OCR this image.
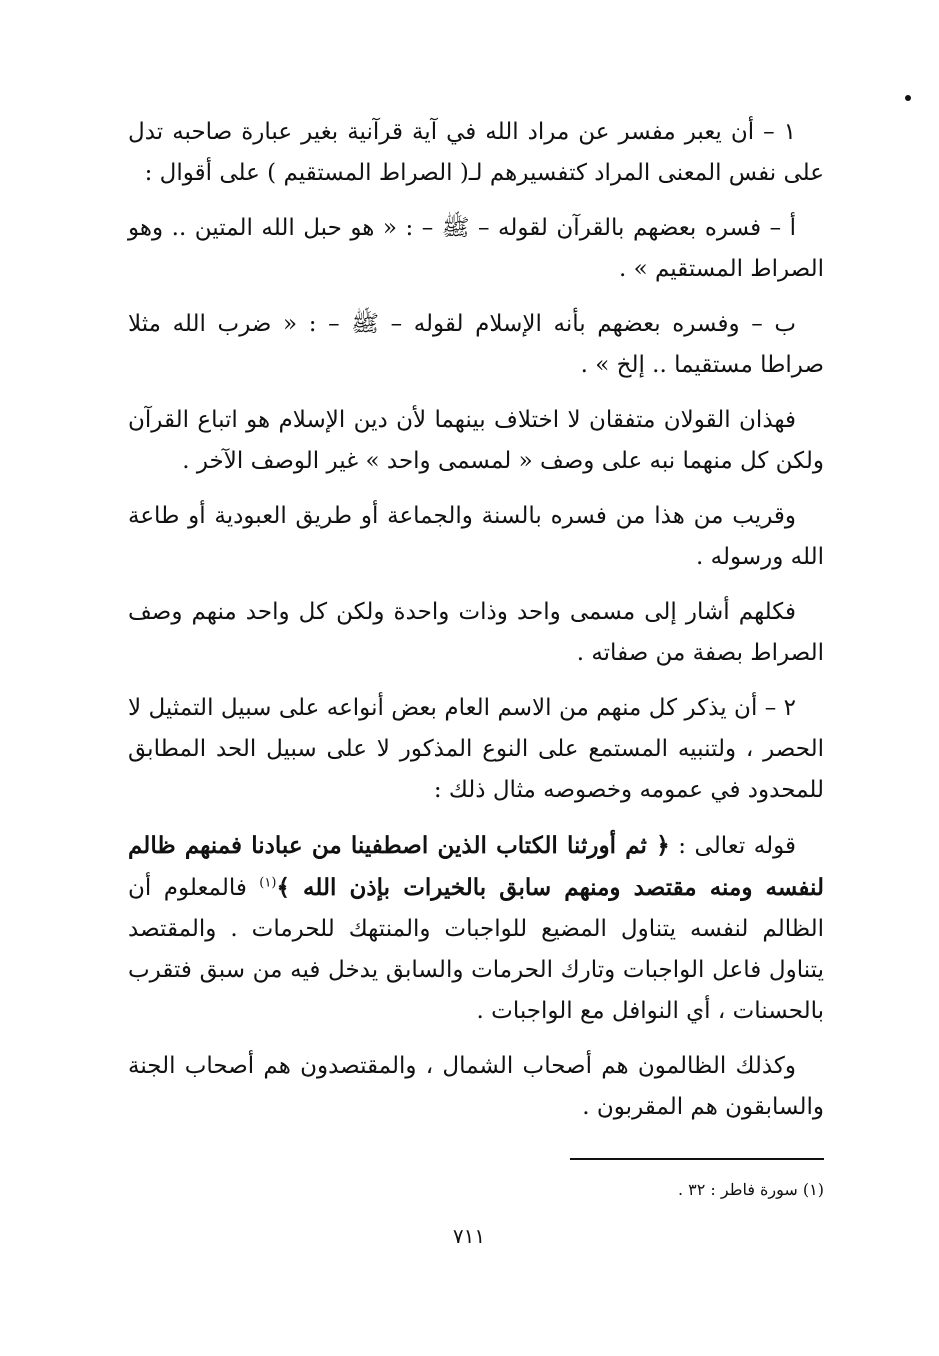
١ – أن يعبر مفسر عن مراد الله في آية قرآنية بغير عبارة صاحبه تدل على نفس المعنى المراد كتفسيرهم لـ( الصراط المستقيم ) على أقوال :

أ – فسره بعضهم بالقرآن لقوله – ﷺ – : « هو حبل الله المتين .. وهو الصراط المستقيم » .

ب – وفسره بعضهم بأنه الإسلام لقوله – ﷺ – : « ضرب الله مثلا صراطا مستقيما .. إلخ » .

فهذان القولان متفقان لا اختلاف بينهما لأن دين الإسلام هو اتباع القرآن ولكن كل منهما نبه على وصف « لمسمى واحد » غير الوصف الآخر .

وقريب من هذا من فسره بالسنة والجماعة أو طريق العبودية أو طاعة الله ورسوله .

فكلهم أشار إلى مسمى واحد وذات واحدة ولكن كل واحد منهم وصف الصراط بصفة من صفاته .

٢ – أن يذكر كل منهم من الاسم العام بعض أنواعه على سبيل التمثيل لا الحصر ، ولتنبيه المستمع على النوع المذكور لا على سبيل الحد المطابق للمحدود في عمومه وخصوصه مثال ذلك :

قوله تعالى : ﴿ ثم أورثنا الكتاب الذين اصطفينا من عبادنا فمنهم ظالم لنفسه ومنه مقتصد ومنهم سابق بالخيرات بإذن الله ﴾$^{(١)}$ فالمعلوم أن الظالم لنفسه يتناول المضيع للواجبات والمنتهك للحرمات . والمقتصد يتناول فاعل الواجبات وتارك الحرمات والسابق يدخل فيه من سبق فتقرب بالحسنات ، أي النوافل مع الواجبات .

وكذلك الظالمون هم أصحاب الشمال ، والمقتصدون هم أصحاب الجنة والسابقون هم المقربون .

(١) سورة فاطر : ٣٢ .
٧١١
